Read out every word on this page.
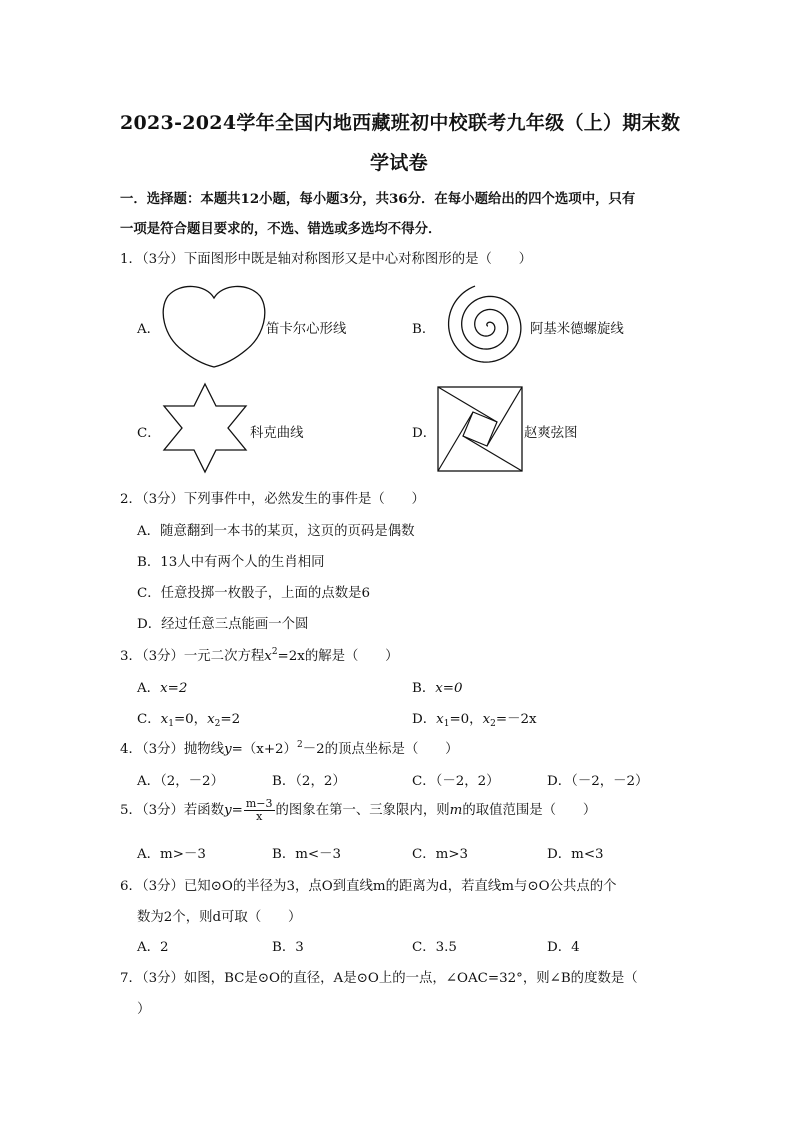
2023-2024学年全国内地西藏班初中校联考九年级（上）期末数
学试卷
一．选择题：本题共12小题，每小题3分，共36分．在每小题给出的四个选项中，只有
一项是符合题目要求的，不选、错选或多选均不得分．
1．（3分）下面图形中既是轴对称图形又是中心对称图形的是（　　）
A．	笛卡尔心形线	B．	阿基米德螺旋线
C．	科克曲线	D．	赵爽弦图
2．（3分）下列事件中，必然发生的事件是（　　）
A．随意翻到一本书的某页，这页的页码是偶数
B．13人中有两个人的生肖相同
C．任意投掷一枚骰子，上面的点数是6
D．经过任意三点能画一个圆
3．（3分）一元二次方程$x^2=2x$的解是（　　）
A．x=2	B．x=0
C．$x_1=0$，$x_2=2$	D．$x_1=0$，$x_2=-2x$
4．（3分）抛物线$y=(x+2)^2-2$的顶点坐标是（　　）
A．（2，－2）	B．（2，2）	C．（－2，2）	D．（－2，－2）
5．（3分）若函数$y= \frac{m-3}{x}$ 的图象在第一、三象限内，则m的取值范围是（　　）
A．m>－3	B．m<－3	C．m>3	D．m<3
6．（3分）已知⊙O的半径为3，点O到直线m的距离为d，若直线m与⊙O公共点的个
数为2个，则d可取（　　）
A．2	B．3	C．3.5	D．4
7．（3分）如图，BC是⊙O的直径，A是⊙O上的一点，∠OAC=32°，则∠B的度数是（
）
